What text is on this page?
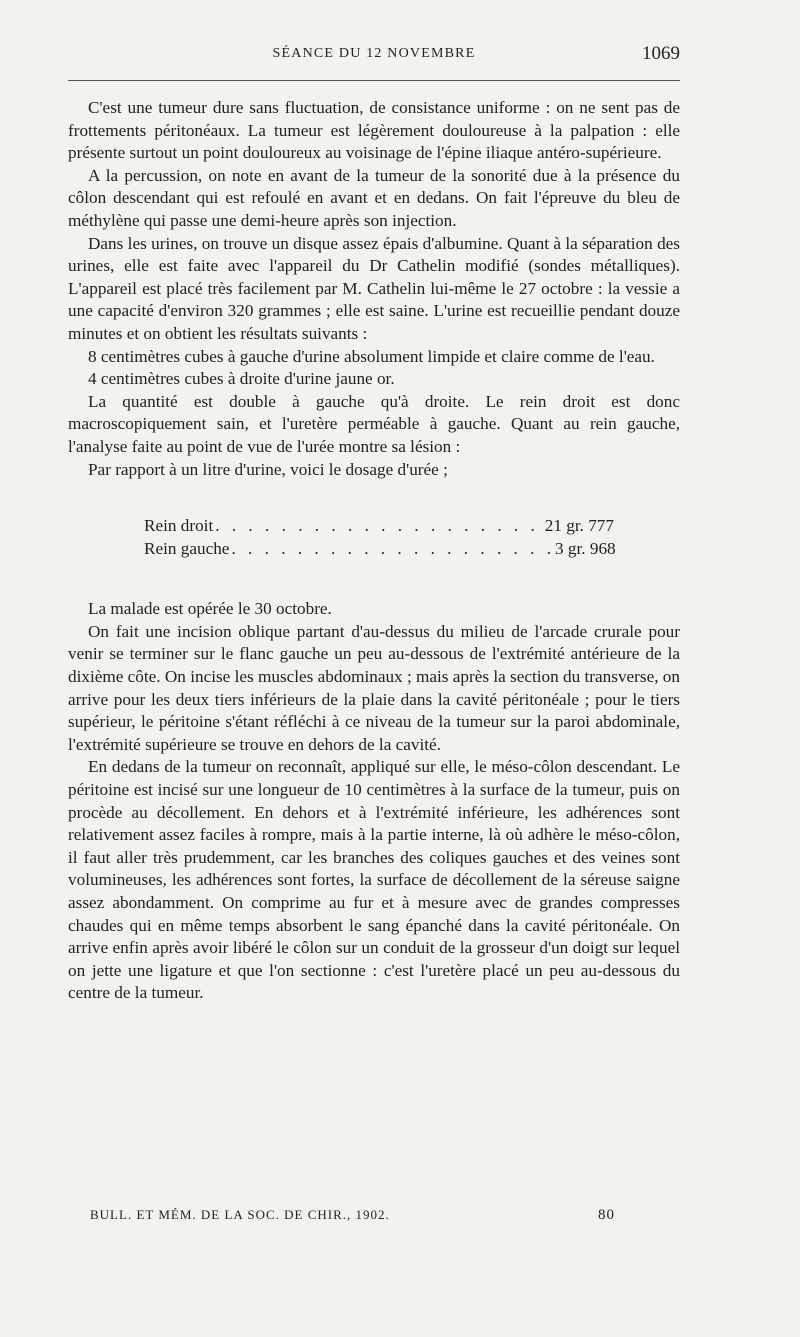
SÉANCE DU 12 NOVEMBRE	1069

C'est une tumeur dure sans fluctuation, de consistance uniforme : on ne sent pas de frottements péritonéaux. La tumeur est légèrement douloureuse à la palpation : elle présente surtout un point douloureux au voisinage de l'épine iliaque antéro-supérieure.

A la percussion, on note en avant de la tumeur de la sonorité due à la présence du côlon descendant qui est refoulé en avant et en dedans. On fait l'épreuve du bleu de méthylène qui passe une demi-heure après son injection.

Dans les urines, on trouve un disque assez épais d'albumine. Quant à la séparation des urines, elle est faite avec l'appareil du Dr Cathelin modifié (sondes métalliques). L'appareil est placé très facilement par M. Cathelin lui-même le 27 octobre : la vessie a une capacité d'environ 320 grammes ; elle est saine. L'urine est recueillie pendant douze minutes et on obtient les résultats suivants :

8 centimètres cubes à gauche d'urine absolument limpide et claire comme de l'eau.

4 centimètres cubes à droite d'urine jaune or.

La quantité est double à gauche qu'à droite. Le rein droit est donc macroscopiquement sain, et l'uretère perméable à gauche. Quant au rein gauche, l'analyse faite au point de vue de l'urée montre sa lésion :

Par rapport à un litre d'urine, voici le dosage d'urée ;

Rein droit . . . . . . . . . . . . . . . . . . . . 21 gr. 777
Rein gauche . . . . . . . . . . . . . . . . . . . . 3 gr. 968

La malade est opérée le 30 octobre.

On fait une incision oblique partant d'au-dessus du milieu de l'arcade crurale pour venir se terminer sur le flanc gauche un peu au-dessous de l'extrémité antérieure de la dixième côte. On incise les muscles abdominaux ; mais après la section du transverse, on arrive pour les deux tiers inférieurs de la plaie dans la cavité péritonéale ; pour le tiers supérieur, le péritoine s'étant réfléchi à ce niveau de la tumeur sur la paroi abdominale, l'extrémité supérieure se trouve en dehors de la cavité.

En dedans de la tumeur on reconnaît, appliqué sur elle, le méso-côlon descendant. Le péritoine est incisé sur une longueur de 10 centimètres à la surface de la tumeur, puis on procède au décollement. En dehors et à l'extrémité inférieure, les adhérences sont relativement assez faciles à rompre, mais à la partie interne, là où adhère le méso-côlon, il faut aller très prudemment, car les branches des coliques gauches et des veines sont volumineuses, les adhérences sont fortes, la surface de décollement de la séreuse saigne assez abondamment. On comprime au fur et à mesure avec de grandes compresses chaudes qui en même temps absorbent le sang épanché dans la cavité péritonéale. On arrive enfin après avoir libéré le côlon sur un conduit de la grosseur d'un doigt sur lequel on jette une ligature et que l'on sectionne : c'est l'uretère placé un peu au-dessous du centre de la tumeur.

BULL. ET MÉM. DE LA SOC. DE CHIR., 1902.	80
